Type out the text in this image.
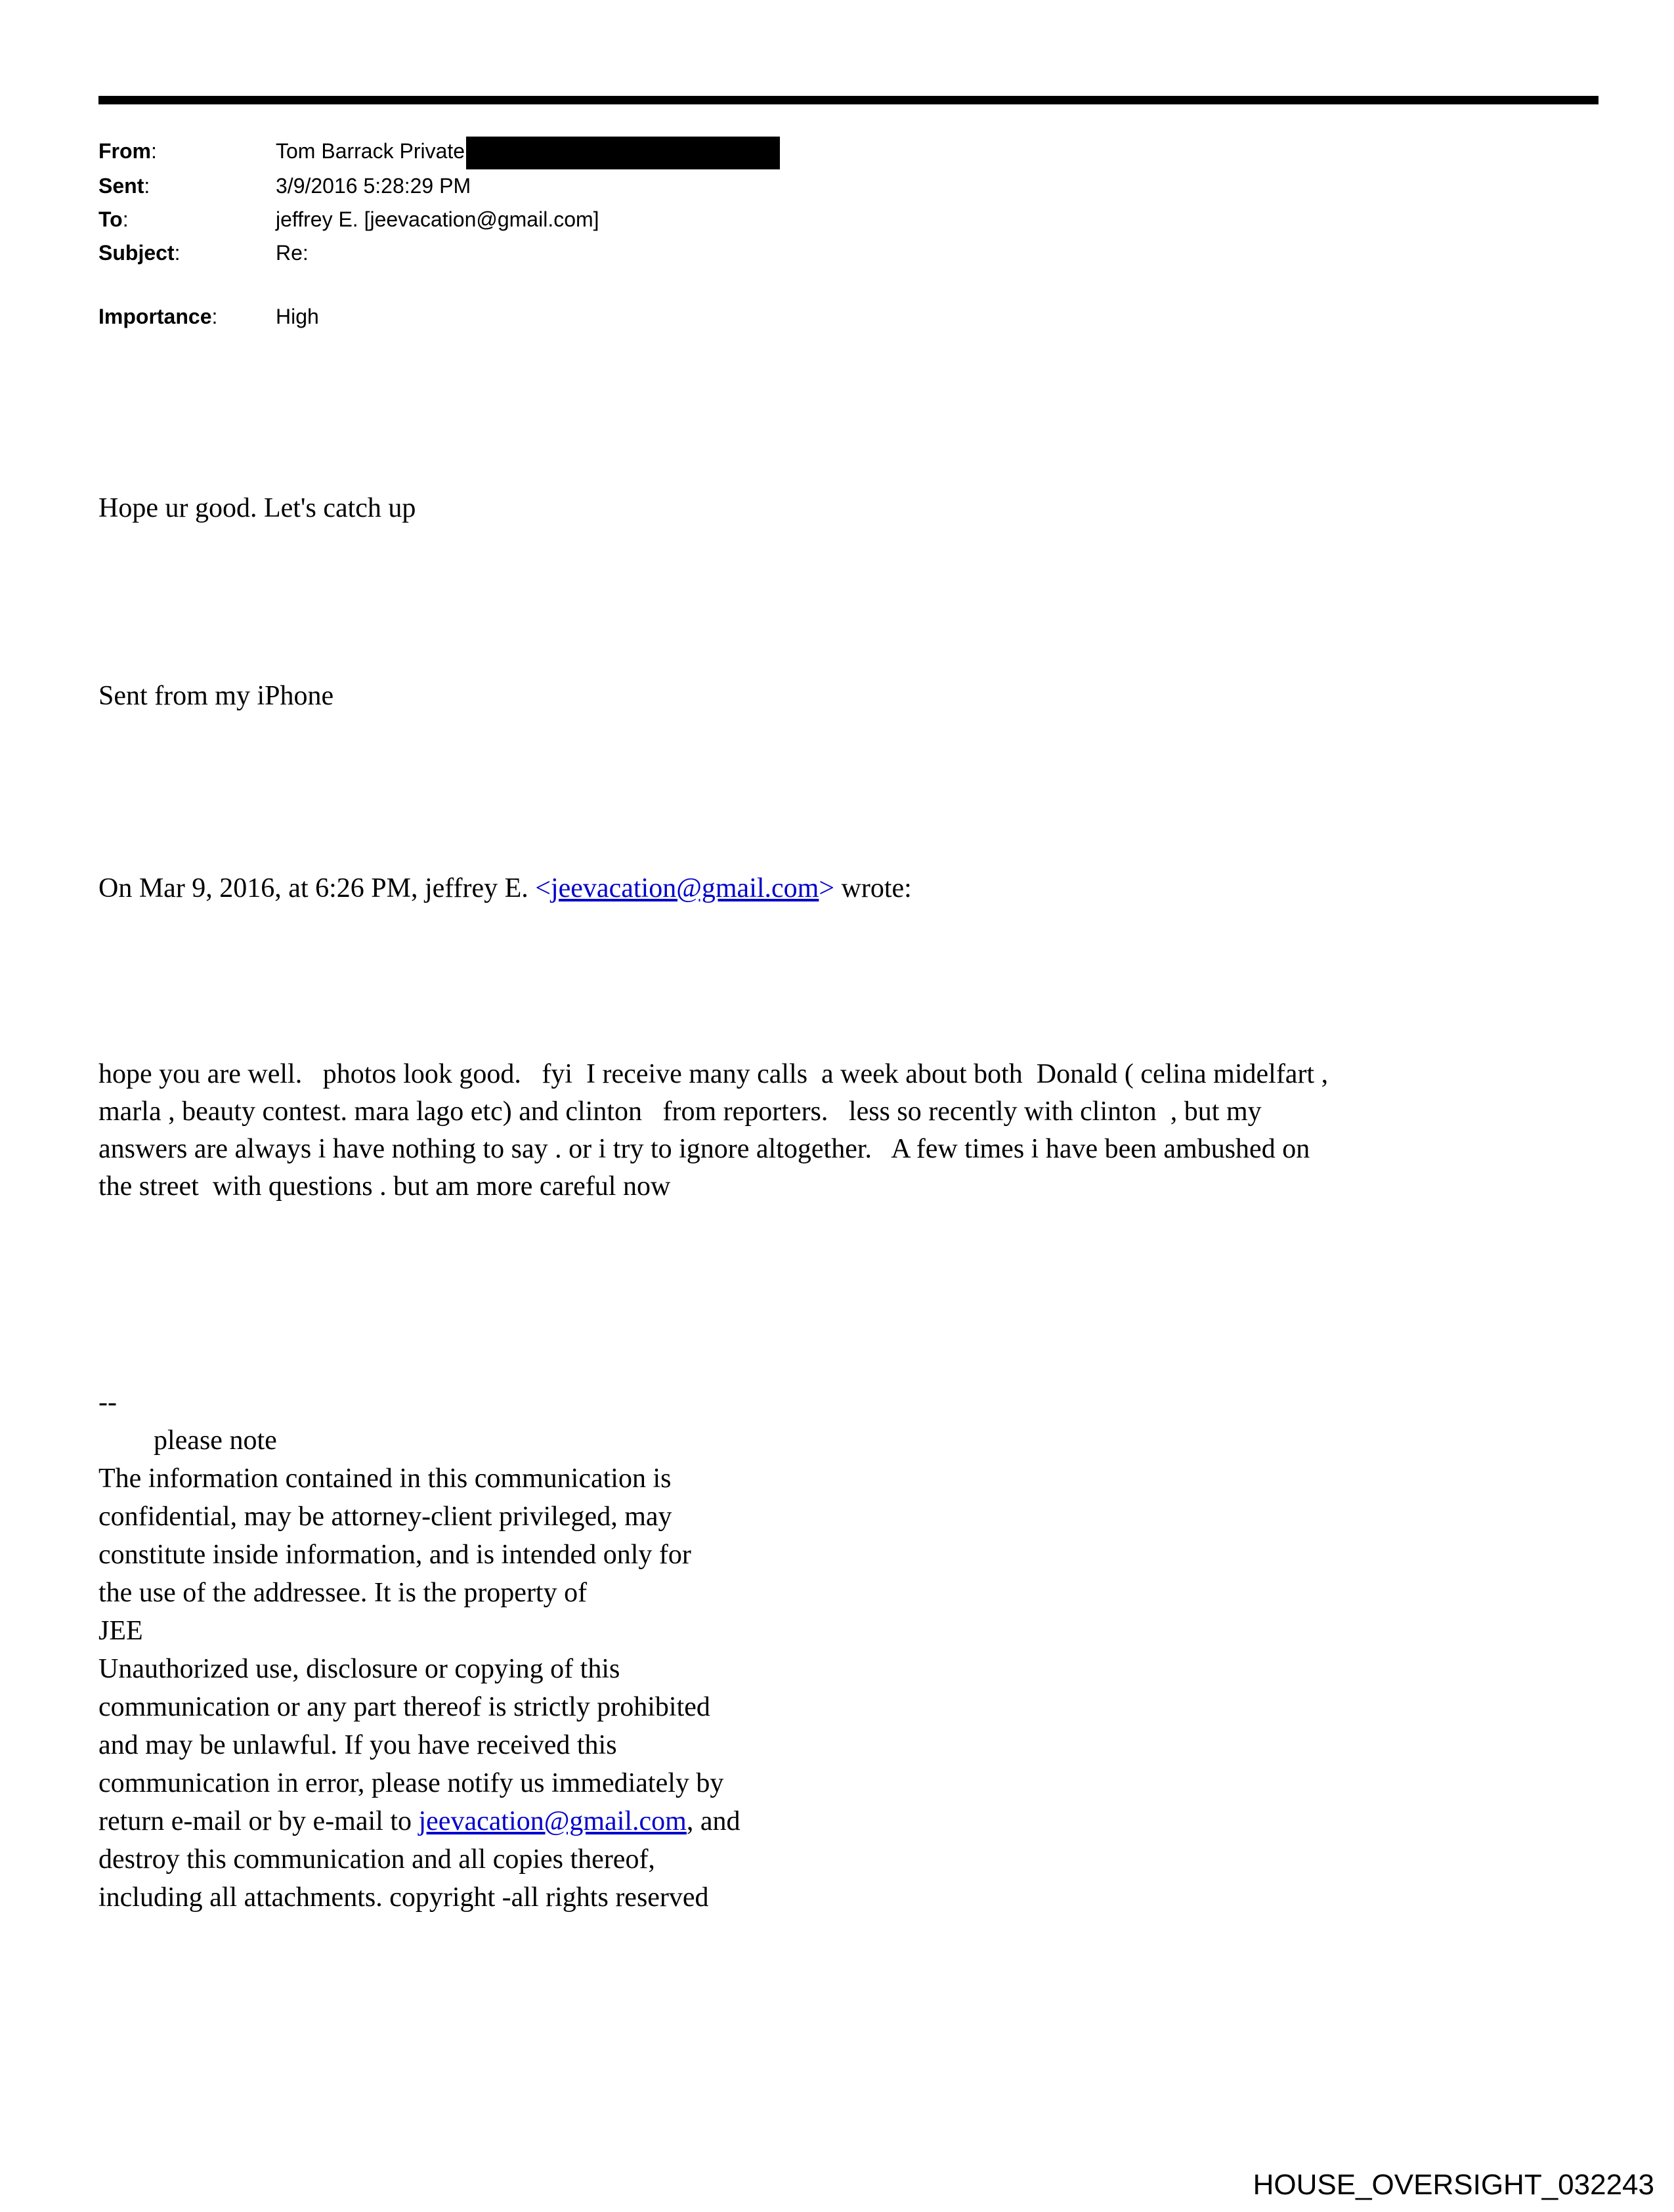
From:	Tom Barrack Private
Sent:	3/9/2016 5:28:29 PM
To:	jeffrey E. [jeevacation@gmail.com]
Subject:	Re:
Importance:	High

Hope ur good. Let's catch up

Sent from my iPhone

On Mar 9, 2016, at 6:26 PM, jeffrey E. <jeevacation@gmail.com> wrote:

hope you are well.   photos look good.   fyi  I receive many calls  a week about both  Donald ( celina midelfart ,
marla , beauty contest. mara lago etc) and clinton   from reporters.   less so recently with clinton  , but my
answers are always i have nothing to say . or i try to ignore altogether.   A few times i have been ambushed on
the street  with questions . but am more careful now

--
please note
The information contained in this communication is
confidential, may be attorney-client privileged, may
constitute inside information, and is intended only for
the use of the addressee. It is the property of
JEE
Unauthorized use, disclosure or copying of this
communication or any part thereof is strictly prohibited
and may be unlawful. If you have received this
communication in error, please notify us immediately by
return e-mail or by e-mail to jeevacation@gmail.com, and
destroy this communication and all copies thereof,
including all attachments. copyright -all rights reserved

HOUSE_OVERSIGHT_032243
